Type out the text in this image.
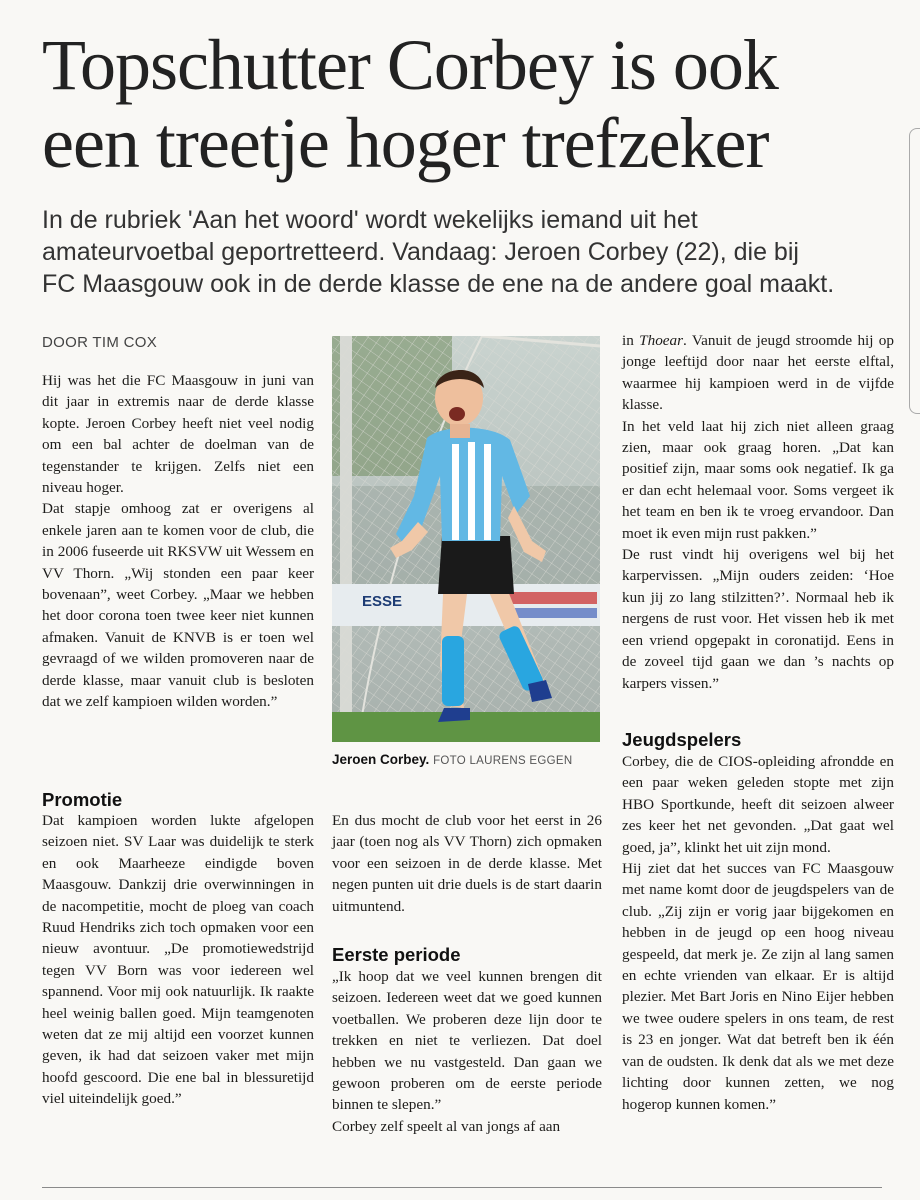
Topschutter Corbey is ook
een treetje hoger trefzeker

In de rubriek 'Aan het woord' wordt wekelijks iemand uit het
amateurvoetbal geportretteerd. Vandaag: Jeroen Corbey (22), die bij
FC Maasgouw ook in de derde klasse de ene na de andere goal maakt.

DOOR TIM COX

Hij was het die FC Maasgouw in juni van dit jaar in extremis naar de derde klasse kopte. Jeroen Corbey heeft niet veel nodig om een bal achter de doelman van de tegenstander te krijgen. Zelfs niet een niveau hoger.

Dat stapje omhoog zat er overigens al enkele jaren aan te komen voor de club, die in 2006 fuseerde uit RKSVW uit Wessem en VV Thorn. „Wij stonden een paar keer bovenaan”, weet Corbey. „Maar we hebben het door corona toen twee keer niet kunnen afmaken. Vanuit de KNVB is er toen wel gevraagd of we wilden promoveren naar de derde klasse, maar vanuit club is besloten dat we zelf kampioen wilden worden.”

Promotie

Dat kampioen worden lukte afgelopen seizoen niet. SV Laar was duidelijk te sterk en ook Maarheeze eindigde boven Maasgouw. Dankzij drie overwinningen in de nacompetitie, mocht de ploeg van coach Ruud Hendriks zich toch opmaken voor een nieuw avontuur. „De promotiewedstrijd tegen VV Born was voor iedereen wel spannend. Voor mij ook natuurlijk. Ik raakte heel weinig ballen goed. Mijn teamgenoten weten dat ze mij altijd een voorzet kunnen geven, ik had dat seizoen vaker met mijn hoofd gescoord. Die ene bal in blessuretijd viel uiteindelijk goed.”

ESSE
Jeroen Corbey. FOTO LAURENS EGGEN

En dus mocht de club voor het eerst in 26 jaar (toen nog als VV Thorn) zich opmaken voor een seizoen in de derde klasse. Met negen punten uit drie duels is de start daarin uitmuntend.

Eerste periode

„Ik hoop dat we veel kunnen brengen dit seizoen. Iedereen weet dat we goed kunnen voetballen. We proberen deze lijn door te trekken en niet te verliezen. Dat doel hebben we nu vastgesteld. Dan gaan we gewoon proberen om de eerste periode binnen te slepen.”

Corbey zelf speelt al van jongs af aan

in Thoear. Vanuit de jeugd stroomde hij op jonge leeftijd door naar het eerste elftal, waarmee hij kampioen werd in de vijfde klasse.

In het veld laat hij zich niet alleen graag zien, maar ook graag horen. „Dat kan positief zijn, maar soms ook negatief. Ik ga er dan echt helemaal voor. Soms vergeet ik het team en ben ik te vroeg ervandoor. Dan moet ik even mijn rust pakken.”

De rust vindt hij overigens wel bij het karpervissen. „Mijn ouders zeiden: ‘Hoe kun jij zo lang stilzitten?’. Normaal heb ik nergens de rust voor. Het vissen heb ik met een vriend opgepakt in coronatijd. Eens in de zoveel tijd gaan we dan ’s nachts op karpers vissen.”

Jeugdspelers

Corbey, die de CIOS-opleiding afrondde en een paar weken geleden stopte met zijn HBO Sportkunde, heeft dit seizoen alweer zes keer het net gevonden. „Dat gaat wel goed, ja”, klinkt het uit zijn mond.

Hij ziet dat het succes van FC Maasgouw met name komt door de jeugdspelers van de club. „Zij zijn er vorig jaar bijgekomen en hebben in de jeugd op een hoog niveau gespeeld, dat merk je. Ze zijn al lang samen en echte vrienden van elkaar. Er is altijd plezier. Met Bart Joris en Nino Eijer hebben we twee oudere spelers in ons team, de rest is 23 en jonger. Wat dat betreft ben ik één van de oudsten. Ik denk dat als we met deze lichting door kunnen zetten, we nog hogerop kunnen komen.”
